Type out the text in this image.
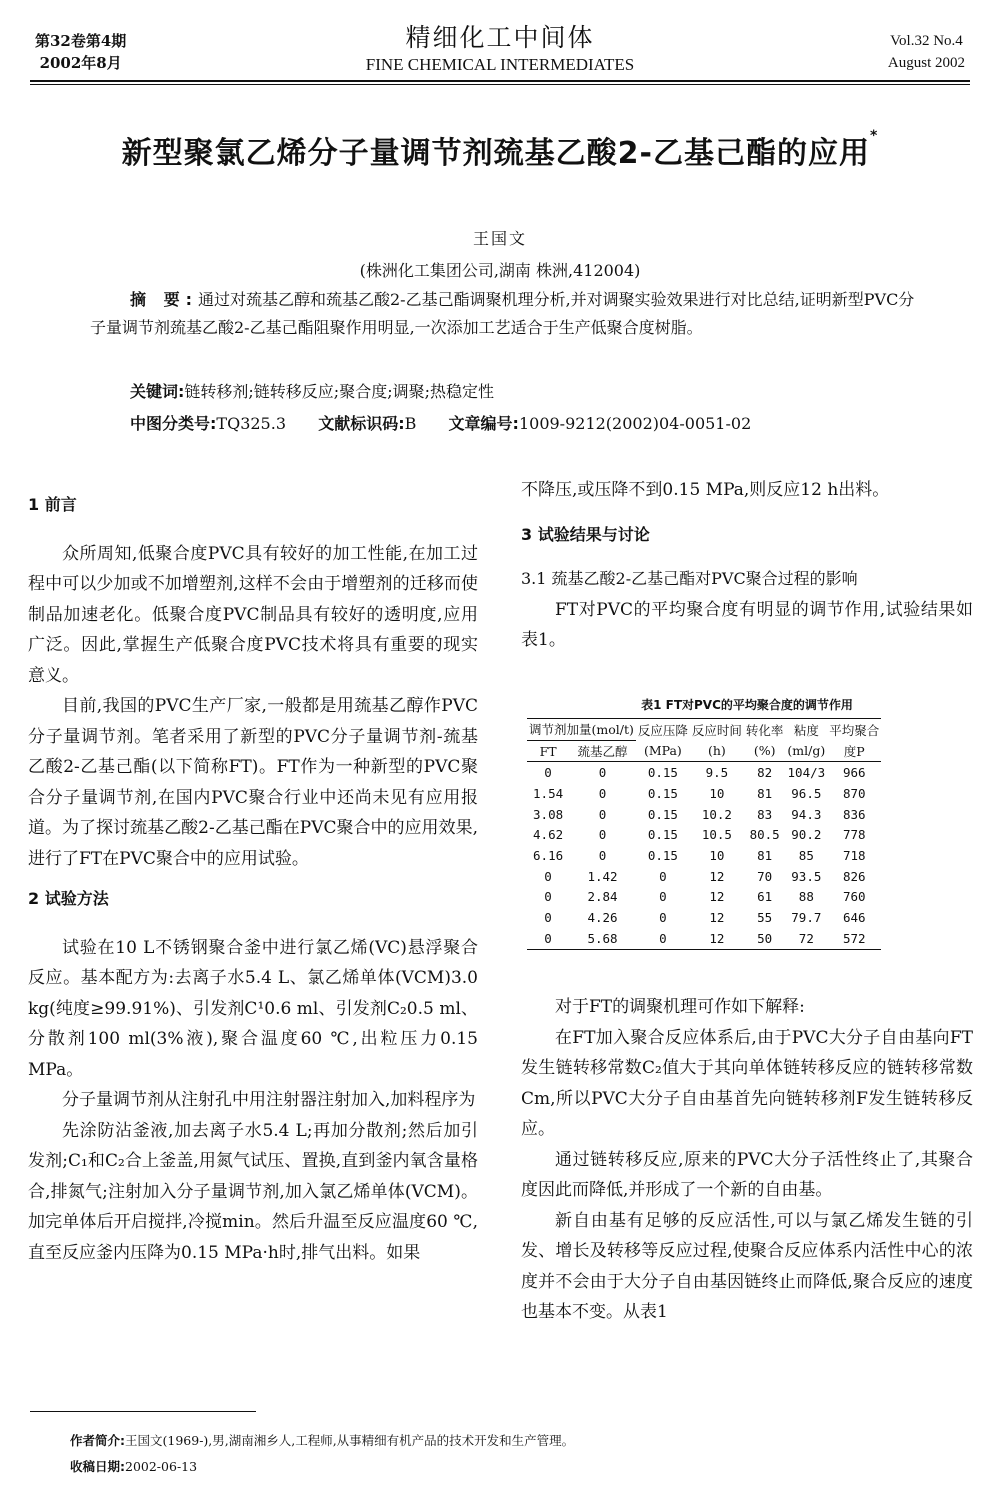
第32卷第4期
2002年8月
精细化工中间体
FINE CHEMICAL INTERMEDIATES
Vol.32 No.4
August 2002
新型聚氯乙烯分子量调节剂巯基乙酸2-乙基己酯的应用*
王国文
(株洲化工集团公司,湖南 株洲,412004)
摘 要:通过对巯基乙醇和巯基乙酸2-乙基己酯调聚机理分析,并对调聚实验效果进行对比总结,证明新型PVC分子量调节剂巯基乙酸2-乙基己酯阻聚作用明显,一次添加工艺适合于生产低聚合度树脂。
关键词:链转移剂;链转移反应;聚合度;调聚;热稳定性
中图分类号:TQ325.3 文献标识码:B 文章编号:1009-9212(2002)04-0051-02
1 前言

众所周知,低聚合度PVC具有较好的加工性能,在加工过程中可以少加或不加增塑剂,这样不会由于增塑剂的迁移而使制品加速老化。低聚合度PVC制品具有较好的透明度,应用广泛。因此,掌握生产低聚合度PVC技术将具有重要的现实意义。

目前,我国的PVC生产厂家,一般都是用巯基乙醇作PVC分子量调节剂。笔者采用了新型的PVC分子量调节剂-巯基乙酸2-乙基己酯(以下简称FT)。FT作为一种新型的PVC聚合分子量调节剂,在国内PVC聚合行业中还尚未见有应用报道。为了探讨巯基乙酸2-乙基己酯在PVC聚合中的应用效果,进行了FT在PVC聚合中的应用试验。

2 试验方法

试验在10 L不锈钢聚合釜中进行氯乙烯(VC)悬浮聚合反应。基本配方为:去离子水5.4 L、氯乙烯单体(VCM)3.0 kg(纯度≥99.91%)、引发剂C¹0.6 ml、引发剂C₂0.5 ml、分散剂100 ml(3%液),聚合温度60 ℃,出粒压力0.15 MPa。

分子量调节剂从注射孔中用注射器注射加入,加料程序为

先涂防沾釜液,加去离子水5.4 L;再加分散剂;然后加引发剂;C₁和C₂合上釜盖,用氮气试压、置换,直到釜内氧含量格合,排氮气;注射加入分子量调节剂,加入氯乙烯单体(VCM)。加完单体后开启搅拌,冷搅min。然后升温至反应温度60 ℃,直至反应釜内压降为0.15 MPa·h时,排气出料。如果

不降压,或压降不到0.15 MPa,则反应12 h出料。
3 试验结果与讨论
3.1 巯基乙酸2-乙基己酯对PVC聚合过程的影响

FT对PVC的平均聚合度有明显的调节作用,试验结果如表1。

表1 FT对PVC的平均聚合度的调节作用
调节剂加量(mol/t)		反应压降	反应时间	转化率	粘度	平均聚合
FT	巯基乙醇	(MPa)	(h)	(%)	(ml/g)	度P
0	0	0.15	9.5	82	104/3	966
1.54	0	0.15	10	81	96.5	870
3.08	0	0.15	10.2	83	94.3	836
4.62	0	0.15	10.5	80.5	90.2	778
6.16	0	0.15	10	81	85	718
0	1.42	0	12	70	93.5	826
0	2.84	0	12	61	88	760
0	4.26	0	12	55	79.7	646
0	5.68	0	12	50	72	572

对于FT的调聚机理可作如下解释:

在FT加入聚合反应体系后,由于PVC大分子自由基向FT发生链转移常数C₂值大于其向单体链转移反应的链转移常数Cm,所以PVC大分子自由基首先向链转移剂F发生链转移反应。

通过链转移反应,原来的PVC大分子活性终止了,其聚合度因此而降低,并形成了一个新的自由基。

新自由基有足够的反应活性,可以与氯乙烯发生链的引发、增长及转移等反应过程,使聚合反应体系内活性中心的浓度并不会由于大分子自由基因链终止而降低,聚合反应的速度也基本不变。从表1

作者简介:王国文(1969-),男,湖南湘乡人,工程师,从事精细有机产品的技术开发和生产管理。
收稿日期:2002-06-13
